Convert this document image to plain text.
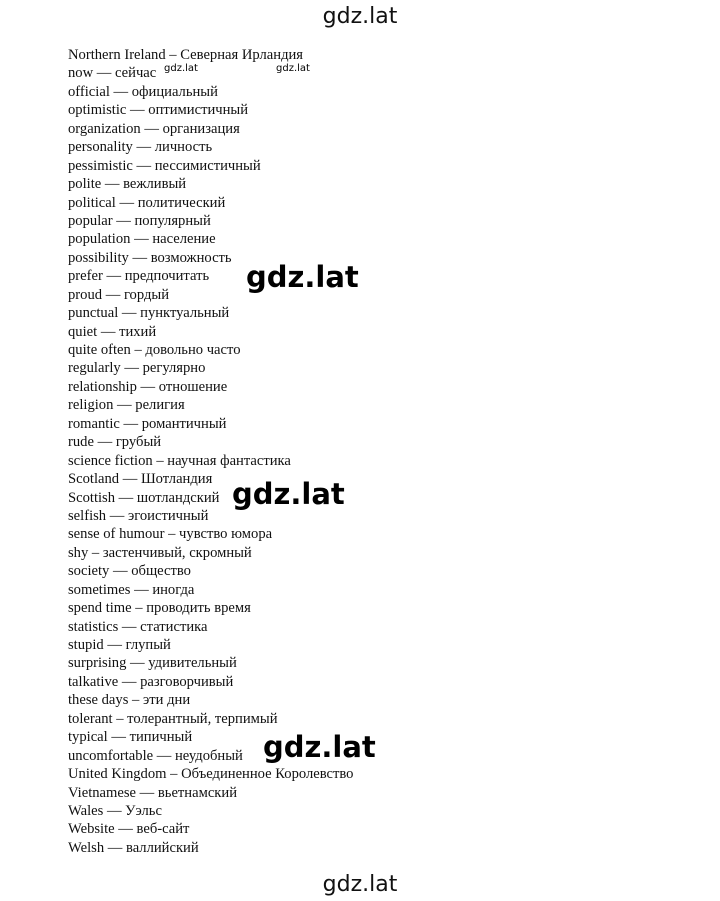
gdz.lat
Northern Ireland – Северная Ирландия
now — сейчас
official — официальный
optimistic — оптимистичный
organization — организация
personality — личность
pessimistic — пессимистичный
polite — вежливый
political — политический
popular — популярный
population — население
possibility — возможность
prefer — предпочитать
proud — гордый
punctual — пунктуальный
quiet — тихий
quite often – довольно часто
regularly — регулярно
relationship — отношение
religion — религия
romantic — романтичный
rude — грубый
science fiction – научная фантастика
Scotland — Шотландия
Scottish — шотландский
selfish — эгоистичный
sense of humour – чувство юмора
shy – застенчивый, скромный
society — общество
sometimes — иногда
spend time – проводить время
statistics — статистика
stupid — глупый
surprising — удивительный
talkative — разговорчивый
these days – эти дни
tolerant – толерантный, терпимый
typical — типичный
uncomfortable — неудобный
United Kingdom – Объединенное Королевство
Vietnamese — вьетнамский
Wales — Уэльс
Website — веб-сайт
Welsh — валлийский
gdz.lat	gdz.lat
gdz.lat
gdz.lat
gdz.lat
gdz.lat
